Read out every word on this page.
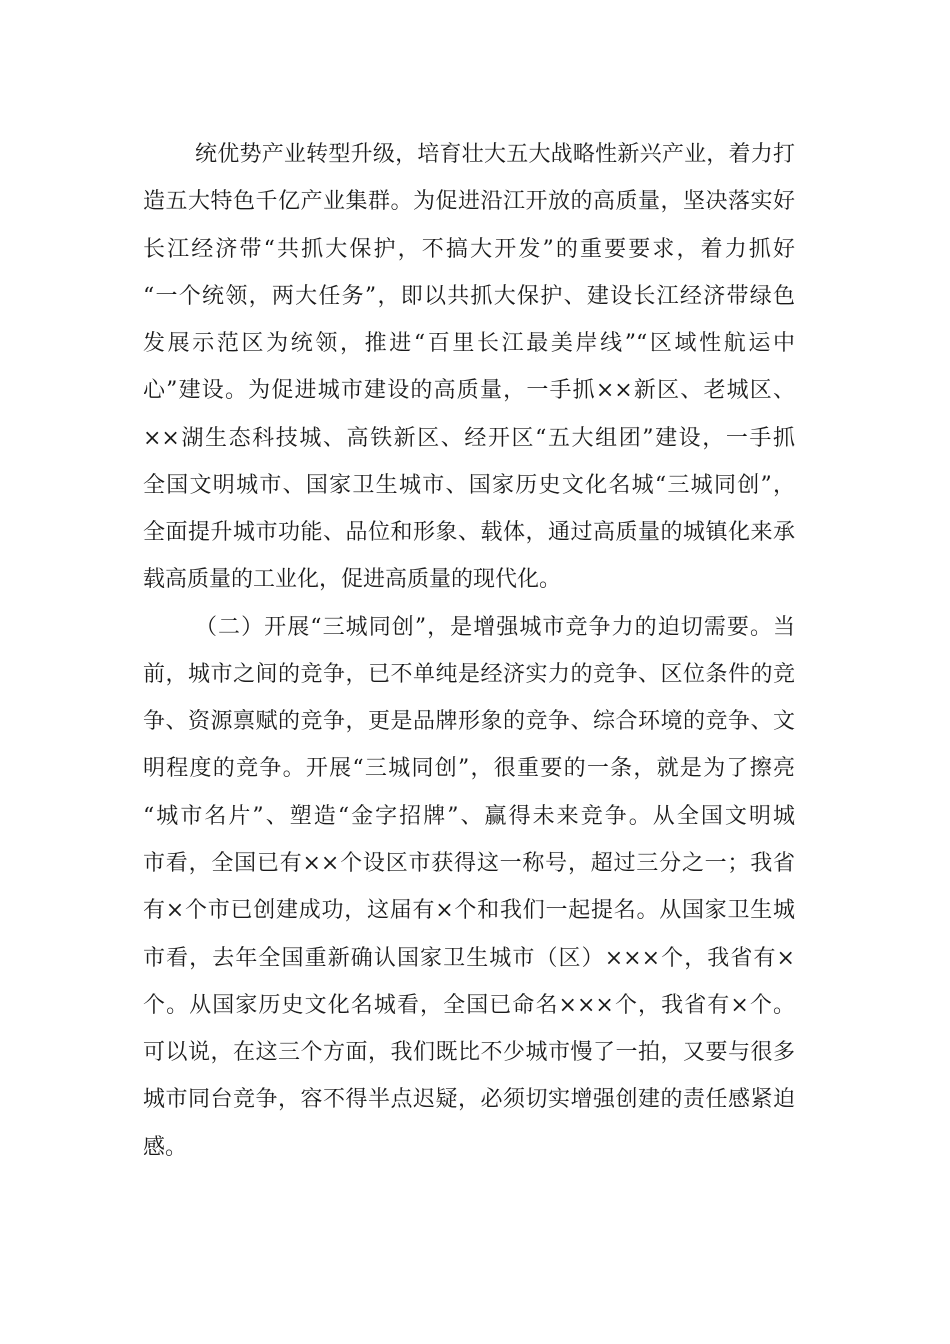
统优势产业转型升级，培育壮大五大战略性新兴产业，着力打
造五大特色千亿产业集群。为促进沿江开放的高质量，坚决落实好
长江经济带“共抓大保护，不搞大开发”的重要要求，着力抓好
“一个统领，两大任务”，即以共抓大保护、建设长江经济带绿色
发展示范区为统领，推进“百里长江最美岸线”“区域性航运中
心”建设。为促进城市建设的高质量，一手抓××新区、老城区、
××湖生态科技城、高铁新区、经开区“五大组团”建设，一手抓
全国文明城市、国家卫生城市、国家历史文化名城“三城同创”，
全面提升城市功能、品位和形象、载体，通过高质量的城镇化来承
载高质量的工业化，促进高质量的现代化。
（二）开展“三城同创”，是增强城市竞争力的迫切需要。当
前，城市之间的竞争，已不单纯是经济实力的竞争、区位条件的竞
争、资源禀赋的竞争，更是品牌形象的竞争、综合环境的竞争、文
明程度的竞争。开展“三城同创”，很重要的一条，就是为了擦亮
“城市名片”、塑造“金字招牌”、赢得未来竞争。从全国文明城
市看，全国已有××个设区市获得这一称号，超过三分之一；我省
有×个市已创建成功，这届有×个和我们一起提名。从国家卫生城
市看，去年全国重新确认国家卫生城市（区）×××个，我省有×
个。从国家历史文化名城看，全国已命名×××个，我省有×个。
可以说，在这三个方面，我们既比不少城市慢了一拍，又要与很多
城市同台竞争，容不得半点迟疑，必须切实增强创建的责任感紧迫
感。
